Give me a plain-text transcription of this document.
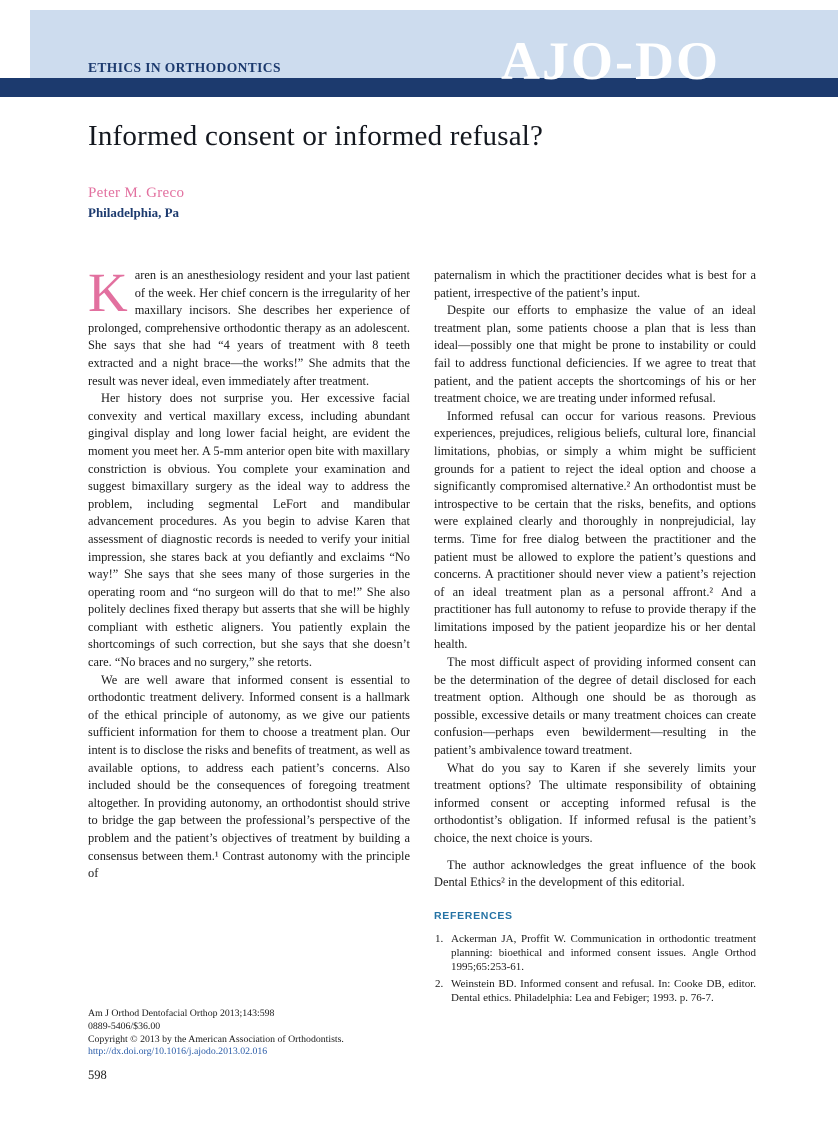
ETHICS IN ORTHODONTICS	AJO-DO
Informed consent or informed refusal?
Peter M. Greco
Philadelphia, Pa

Karen is an anesthesiology resident and your last patient of the week. Her chief concern is the irregularity of her maxillary incisors. She describes her experience of prolonged, comprehensive orthodontic therapy as an adolescent. She says that she had “4 years of treatment with 8 teeth extracted and a night brace—the works!” She admits that the result was never ideal, even immediately after treatment.

Her history does not surprise you. Her excessive facial convexity and vertical maxillary excess, including abundant gingival display and long lower facial height, are evident the moment you meet her. A 5-mm anterior open bite with maxillary constriction is obvious. You complete your examination and suggest bimaxillary surgery as the ideal way to address the problem, including segmental LeFort and mandibular advancement procedures. As you begin to advise Karen that assessment of diagnostic records is needed to verify your initial impression, she stares back at you defiantly and exclaims “No way!” She says that she sees many of those surgeries in the operating room and “no surgeon will do that to me!” She also politely declines fixed therapy but asserts that she will be highly compliant with esthetic aligners. You patiently explain the shortcomings of such correction, but she says that she doesn’t care. “No braces and no surgery,” she retorts.

We are well aware that informed consent is essential to orthodontic treatment delivery. Informed consent is a hallmark of the ethical principle of autonomy, as we give our patients sufficient information for them to choose a treatment plan. Our intent is to disclose the risks and benefits of treatment, as well as available options, to address each patient’s concerns. Also included should be the consequences of foregoing treatment altogether. In providing autonomy, an orthodontist should strive to bridge the gap between the professional’s perspective of the problem and the patient’s objectives of treatment by building a consensus between them.¹ Contrast autonomy with the principle of

paternalism in which the practitioner decides what is best for a patient, irrespective of the patient’s input.

Despite our efforts to emphasize the value of an ideal treatment plan, some patients choose a plan that is less than ideal—possibly one that might be prone to instability or could fail to address functional deficiencies. If we agree to treat that patient, and the patient accepts the shortcomings of his or her treatment choice, we are treating under informed refusal.

Informed refusal can occur for various reasons. Previous experiences, prejudices, religious beliefs, cultural lore, financial limitations, phobias, or simply a whim might be sufficient grounds for a patient to reject the ideal option and choose a significantly compromised alternative.² An orthodontist must be introspective to be certain that the risks, benefits, and options were explained clearly and thoroughly in nonprejudicial, lay terms. Time for free dialog between the practitioner and the patient must be allowed to explore the patient’s questions and concerns. A practitioner should never view a patient’s rejection of an ideal treatment plan as a personal affront.² And a practitioner has full autonomy to refuse to provide therapy if the limitations imposed by the patient jeopardize his or her dental health.

The most difficult aspect of providing informed consent can be the determination of the degree of detail disclosed for each treatment option. Although one should be as thorough as possible, excessive details or many treatment choices can create confusion—perhaps even bewilderment—resulting in the patient’s ambivalence toward treatment.

What do you say to Karen if she severely limits your treatment options? The ultimate responsibility of obtaining informed consent or accepting informed refusal is the orthodontist’s obligation. If informed refusal is the patient’s choice, the next choice is yours.

The author acknowledges the great influence of the book Dental Ethics² in the development of this editorial.

REFERENCES
Ackerman JA, Proffit W. Communication in orthodontic treatment planning: bioethical and informed consent issues. Angle Orthod 1995;65:253-61.
Weinstein BD. Informed consent and refusal. In: Cooke DB, editor. Dental ethics. Philadelphia: Lea and Febiger; 1993. p. 76-7.
Am J Orthod Dentofacial Orthop 2013;143:598
0889-5406/$36.00
Copyright © 2013 by the American Association of Orthodontists.
http://dx.doi.org/10.1016/j.ajodo.2013.02.016
598
